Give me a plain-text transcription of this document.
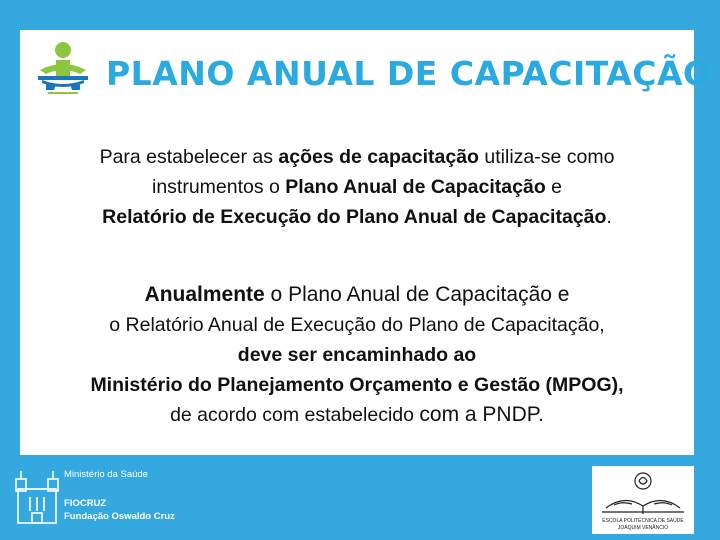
PLANO ANUAL DE CAPACITAÇÃO
Para estabelecer as ações de capacitação utiliza-se como
instrumentos o Plano Anual de Capacitação e
Relatório de Execução do Plano Anual de Capacitação.
Anualmente o Plano Anual de Capacitação e
o Relatório Anual de Execução do Plano de Capacitação,
deve ser encaminhado ao
Ministério do Planejamento Orçamento e Gestão (MPOG),
de acordo com estabelecido com a PNDP.
Ministério da Saúde
FIOCRUZ
Fundação Oswaldo Cruz	ESCOLA POLITÉCNICA DE SAÚDE
JOAQUIM VENÂNCIO
